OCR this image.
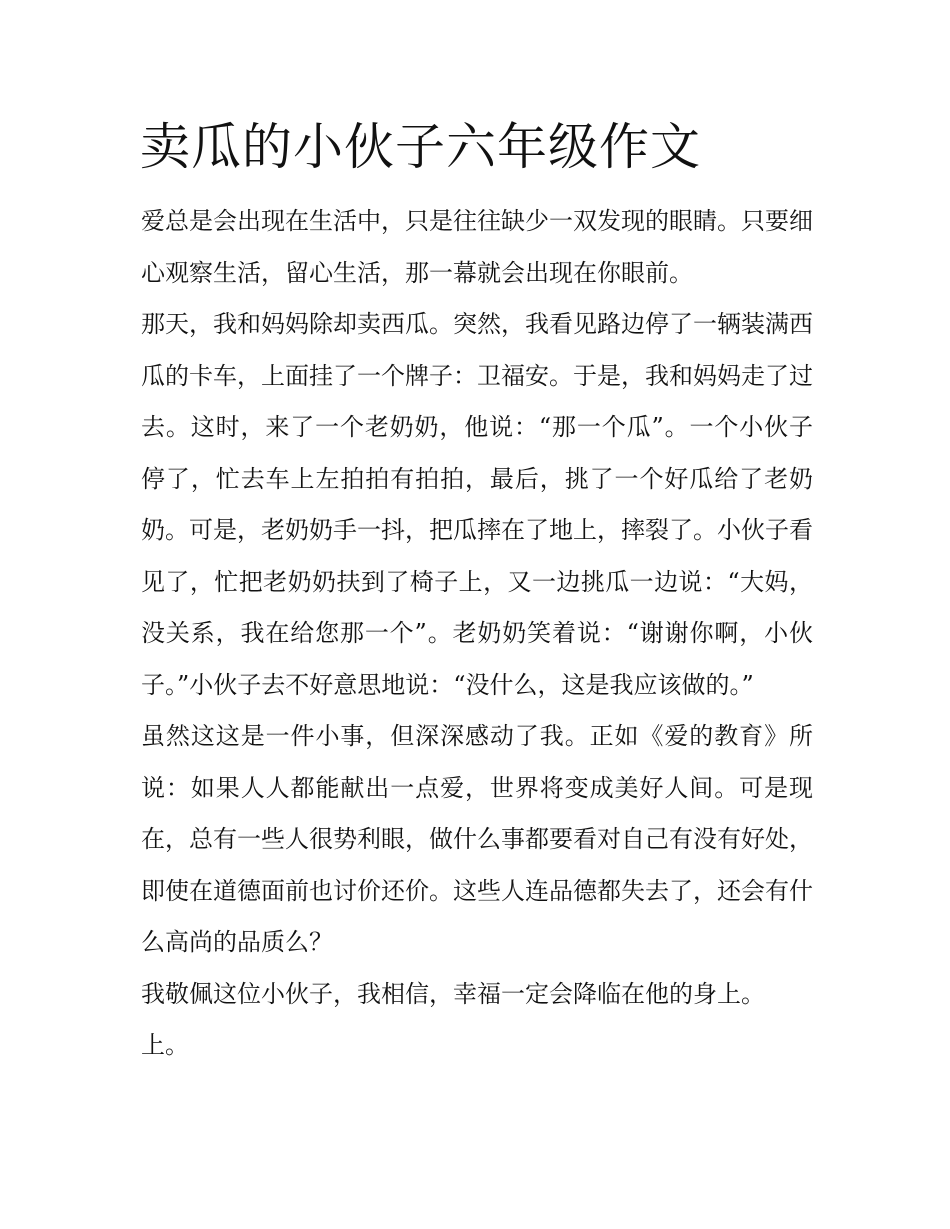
卖瓜的小伙子六年级作文

爱总是会出现在生活中，只是往往缺少一双发现的眼睛。只要细心观察生活，留心生活，那一幕就会出现在你眼前。

那天，我和妈妈除却卖西瓜。突然，我看见路边停了一辆装满西瓜的卡车，上面挂了一个牌子：卫福安。于是，我和妈妈走了过去。这时，来了一个老奶奶，他说：“那一个瓜”。一个小伙子停了，忙去车上左拍拍有拍拍，最后，挑了一个好瓜给了老奶奶。可是，老奶奶手一抖，把瓜摔在了地上，摔裂了。小伙子看见了，忙把老奶奶扶到了椅子上，又一边挑瓜一边说：“大妈，没关系，我在给您那一个”。老奶奶笑着说：“谢谢你啊，小伙子。”小伙子去不好意思地说：“没什么，这是我应该做的。”

虽然这这是一件小事，但深深感动了我。正如《爱的教育》所说：如果人人都能献出一点爱，世界将变成美好人间。可是现在，总有一些人很势利眼，做什么事都要看对自己有没有好处，即使在道德面前也讨价还价。这些人连品德都失去了，还会有什么高尚的品质么？

我敬佩这位小伙子，我相信，幸福一定会降临在他的身上。

上。
